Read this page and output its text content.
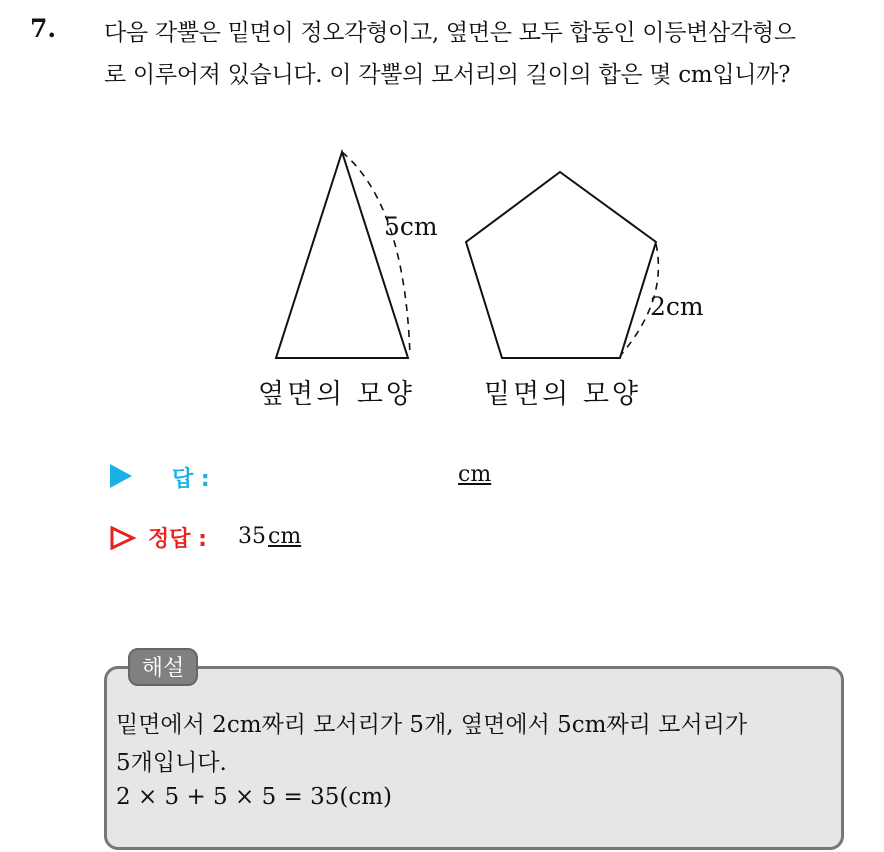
7. 다음 각뿔은 밑면이 정오각형이고, 옆면은 모두 합동인 이등변삼각형으
로 이루어져 있습니다. 이 각뿔의 모서리의 길이의 합은 몇 cm입니까?
5cm
2cm
옆면의 모양	밑면의 모양
답 :	cm
정답 : 35cm
해설
밑면에서 2cm짜리 모서리가 5개, 옆면에서 5cm짜리 모서리가
5개입니다.
2 × 5 + 5 × 5 = 35(cm)
